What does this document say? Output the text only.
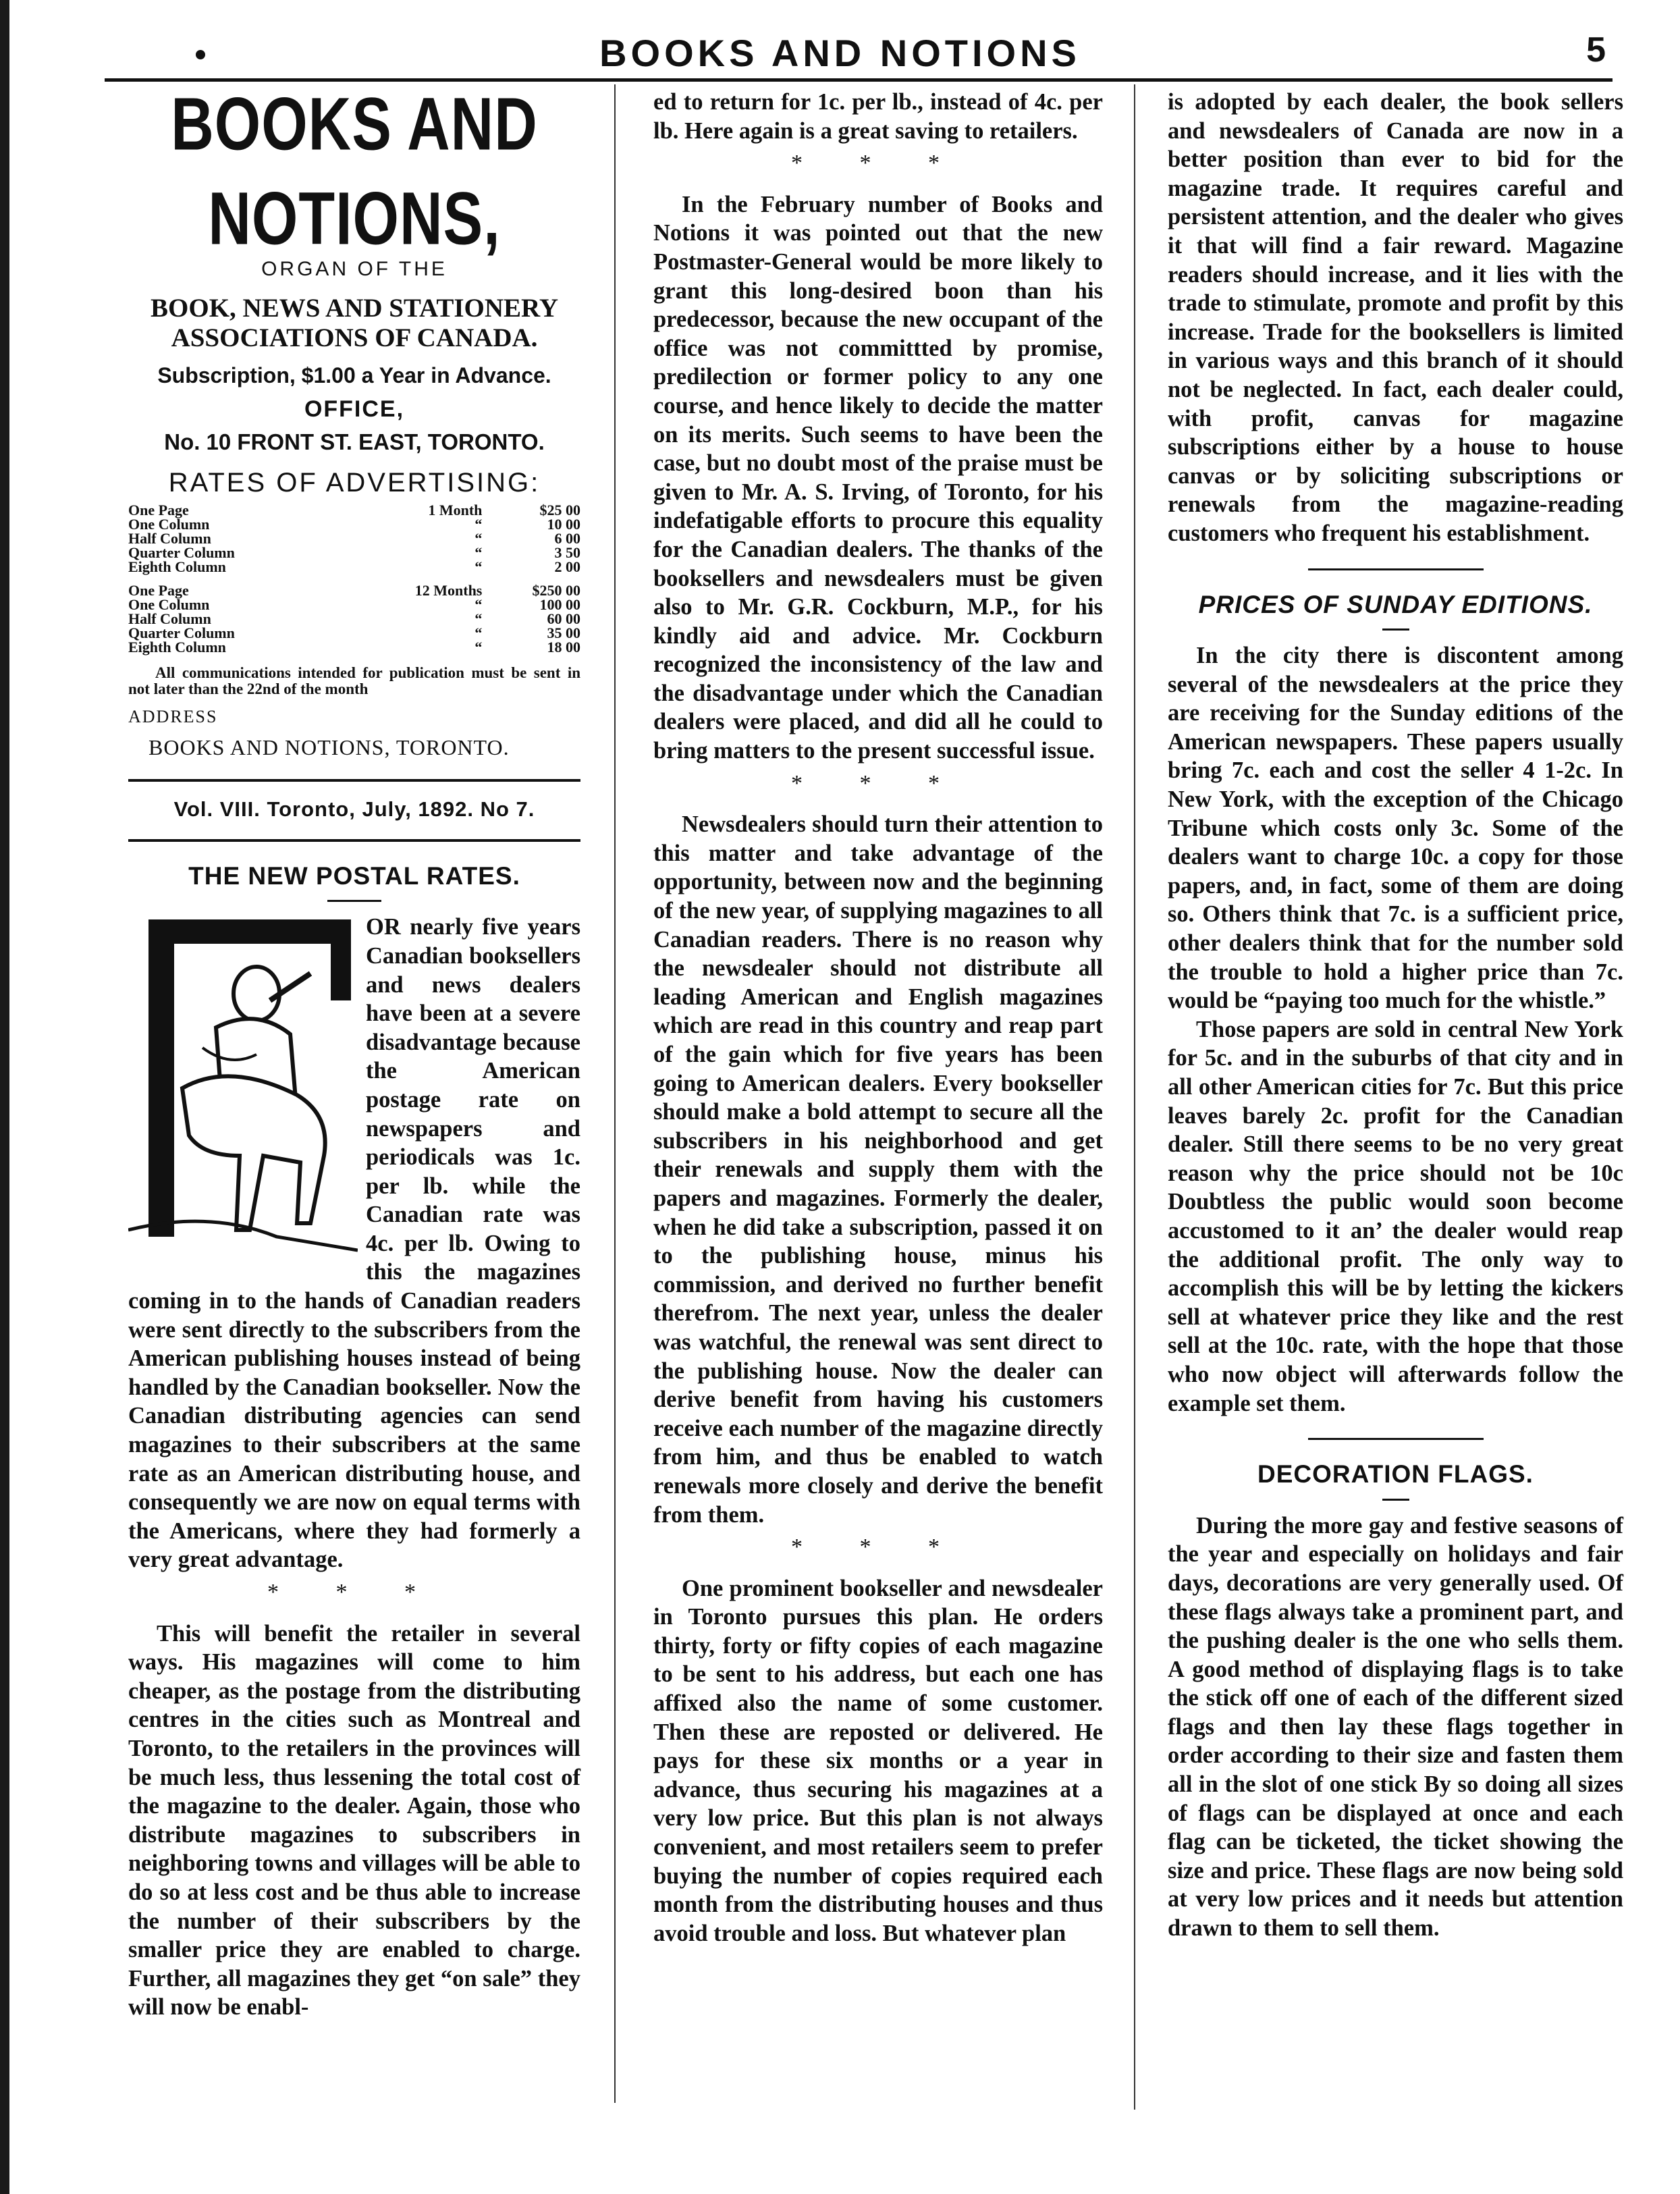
BOOKS AND NOTIONS	5
BOOKS AND NOTIONS,
ORGAN OF THE
BOOK, NEWS AND STATIONERY ASSOCIATIONS OF CANADA.
Subscription, $1.00 a Year in Advance.
OFFICE,
No. 10 FRONT ST. EAST, TORONTO.
RATES OF ADVERTISING:
One Page	1 Month	$25 00
One Column	“	10 00
Half Column	“	6 00
Quarter Column	“	3 50
Eighth Column	“	2 00

One Page	12 Months	$250 00
One Column	“	100 00
Half Column	“	60 00
Quarter Column	“	35 00
Eighth Column	“	18 00
All communications intended for publication must be sent in not later than the 22nd of the month
ADDRESS
BOOKS AND NOTIONS, TORONTO.
Vol. VIII. Toronto, July, 1892. No 7.
THE NEW POSTAL RATES.

OR nearly five years Canadian booksellers and news dealers have been at a severe disadvantage because the American postage rate on newspapers and periodicals was 1c. per lb. while the Canadian rate was 4c. per lb. Owing to this the magazines coming in to the hands of Canadian readers were sent directly to the subscribers from the American publishing houses instead of being handled by the Canadian bookseller. Now the Canadian distributing agencies can send magazines to their subscribers at the same rate as an American distributing house, and consequently we are now on equal terms with the Americans, where they had formerly a very great advantage.

* * *

This will benefit the retailer in several ways. His magazines will come to him cheaper, as the postage from the distributing centres in the cities such as Montreal and Toronto, to the retailers in the provinces will be much less, thus lessening the total cost of the magazine to the dealer. Again, those who distribute magazines to subscribers in neighboring towns and villages will be able to do so at less cost and be thus able to increase the number of their subscribers by the smaller price they are enabled to charge. Further, all magazines they get “on sale” they will now be enabl-

ed to return for 1c. per lb., instead of 4c. per lb. Here again is a great saving to retailers.

* * *

In the February number of Books and Notions it was pointed out that the new Postmaster-General would be more likely to grant this long-desired boon than his predecessor, because the new occupant of the office was not committted by promise, predilection or former policy to any one course, and hence likely to decide the matter on its merits. Such seems to have been the case, but no doubt most of the praise must be given to Mr. A. S. Irving, of Toronto, for his indefatigable efforts to procure this equality for the Canadian dealers. The thanks of the booksellers and newsdealers must be given also to Mr. G.R. Cockburn, M.P., for his kindly aid and advice. Mr. Cockburn recognized the inconsistency of the law and the disadvantage under which the Canadian dealers were placed, and did all he could to bring matters to the present successful issue.

* * *

Newsdealers should turn their attention to this matter and take advantage of the opportunity, between now and the beginning of the new year, of supplying magazines to all Canadian readers. There is no reason why the newsdealer should not distribute all leading American and English magazines which are read in this country and reap part of the gain which for five years has been going to American dealers. Every bookseller should make a bold attempt to secure all the subscribers in his neighborhood and get their renewals and supply them with the papers and magazines. Formerly the dealer, when he did take a subscription, passed it on to the publishing house, minus his commission, and derived no further benefit therefrom. The next year, unless the dealer was watchful, the renewal was sent direct to the publishing house. Now the dealer can derive benefit from having his customers receive each number of the magazine directly from him, and thus be enabled to watch renewals more closely and derive the benefit from them.

* * *

One prominent bookseller and newsdealer in Toronto pursues this plan. He orders thirty, forty or fifty copies of each magazine to be sent to his address, but each one has affixed also the name of some customer. Then these are reposted or delivered. He pays for these six months or a year in advance, thus securing his magazines at a very low price. But this plan is not always convenient, and most retailers seem to prefer buying the number of copies required each month from the distributing houses and thus avoid trouble and loss. But whatever plan

is adopted by each dealer, the book sellers and newsdealers of Canada are now in a better position than ever to bid for the magazine trade. It requires careful and persistent attention, and the dealer who gives it that will find a fair reward. Magazine readers should increase, and it lies with the trade to stimulate, promote and profit by this increase. Trade for the booksellers is limited in various ways and this branch of it should not be neglected. In fact, each dealer could, with profit, canvas for magazine subscriptions either by a house to house canvas or by soliciting subscriptions or renewals from the magazine-reading customers who frequent his establishment.

PRICES OF SUNDAY EDITIONS.

In the city there is discontent among several of the newsdealers at the price they are receiving for the Sunday editions of the American newspapers. These papers usually bring 7c. each and cost the seller 4 1-2c. In New York, with the exception of the Chicago Tribune which costs only 3c. Some of the dealers want to charge 10c. a copy for those papers, and, in fact, some of them are doing so. Others think that 7c. is a sufficient price, other dealers think that for the number sold the trouble to hold a higher price than 7c. would be “paying too much for the whistle.”

Those papers are sold in central New York for 5c. and in the suburbs of that city and in all other American cities for 7c. But this price leaves barely 2c. profit for the Canadian dealer. Still there seems to be no very great reason why the price should not be 10c Doubtless the public would soon become accustomed to it an’ the dealer would reap the additional profit. The only way to accomplish this will be by letting the kickers sell at whatever price they like and the rest sell at the 10c. rate, with the hope that those who now object will afterwards follow the example set them.

DECORATION FLAGS.

During the more gay and festive seasons of the year and especially on holidays and fair days, decorations are very generally used. Of these flags always take a prominent part, and the pushing dealer is the one who sells them. A good method of displaying flags is to take the stick off one of each of the different sized flags and then lay these flags together in order according to their size and fasten them all in the slot of one stick By so doing all sizes of flags can be displayed at once and each flag can be ticketed, the ticket showing the size and price. These flags are now being sold at very low prices and it needs but attention drawn to them to sell them.
